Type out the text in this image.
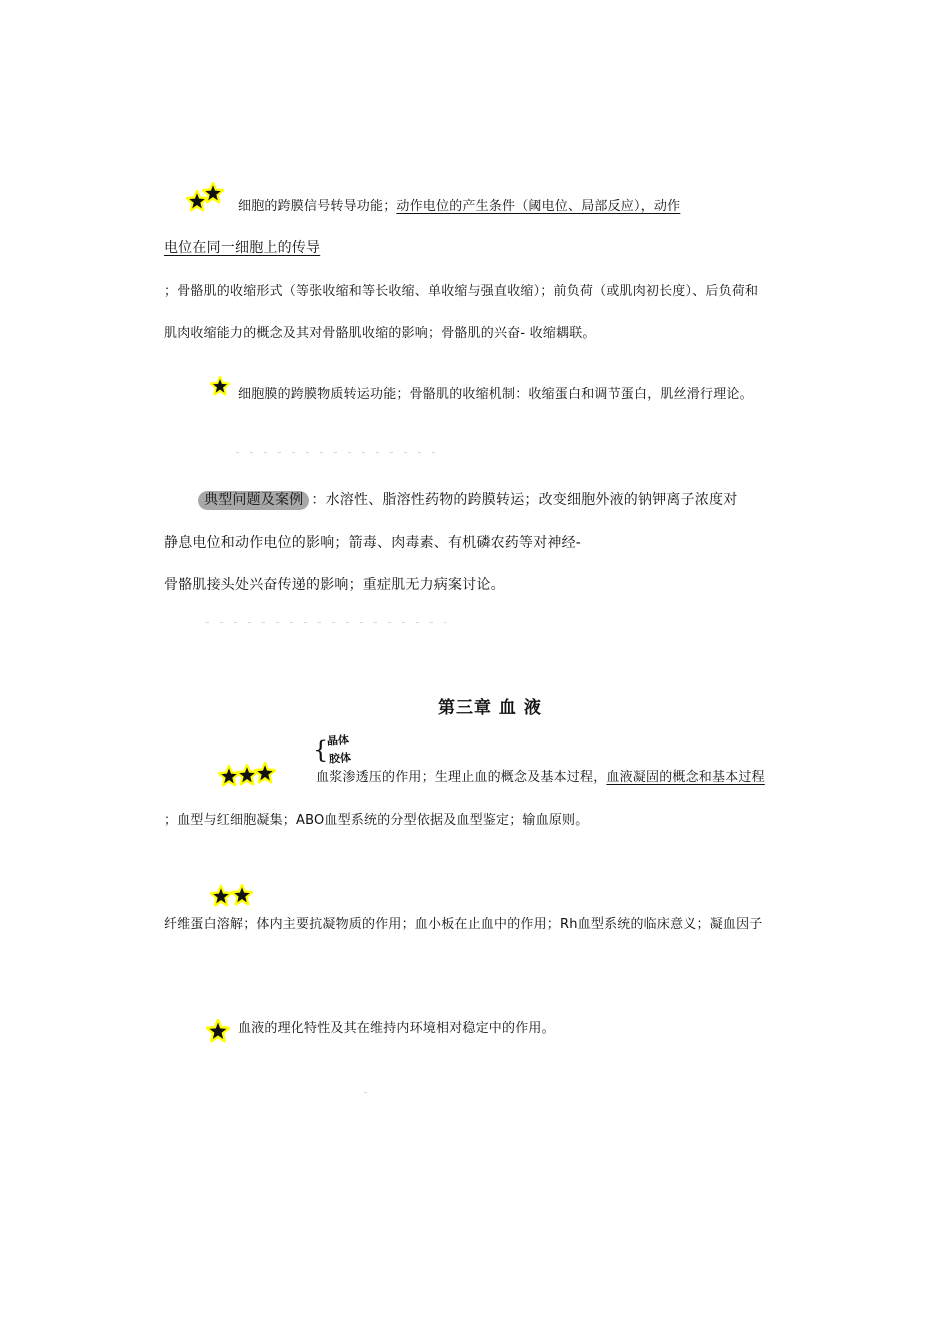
细胞的跨膜信号转导功能；动作电位的产生条件（阈电位、局部反应），动作
电位在同一细胞上的传导
；骨骼肌的收缩形式（等张收缩和等长收缩、单收缩与强直收缩）；前负荷（或肌肉初长度）、后负荷和
肌肉收缩能力的概念及其对骨骼肌收缩的影响；骨骼肌的兴奋- 收缩耦联。
细胞膜的跨膜物质转运功能；骨骼肌的收缩机制：收缩蛋白和调节蛋白，肌丝滑行理论。
典型问题及案例 ：水溶性、脂溶性药物的跨膜转运；改变细胞外液的钠钾离子浓度对
静息电位和动作电位的影响；箭毒、肉毒素、有机磷农药等对神经-
骨骼肌接头处兴奋传递的影响；重症肌无力病案讨论。
第三章 血 液
{
晶体
胶体
血浆渗透压的作用；生理止血的概念及基本过程，血液凝固的概念和基本过程
；血型与红细胞凝集；ABO血型系统的分型依据及血型鉴定；输血原则。
纤维蛋白溶解；体内主要抗凝物质的作用；血小板在止血中的作用；Rh血型系统的临床意义；凝血因子
血液的理化特性及其在维持内环境相对稳定中的作用。
